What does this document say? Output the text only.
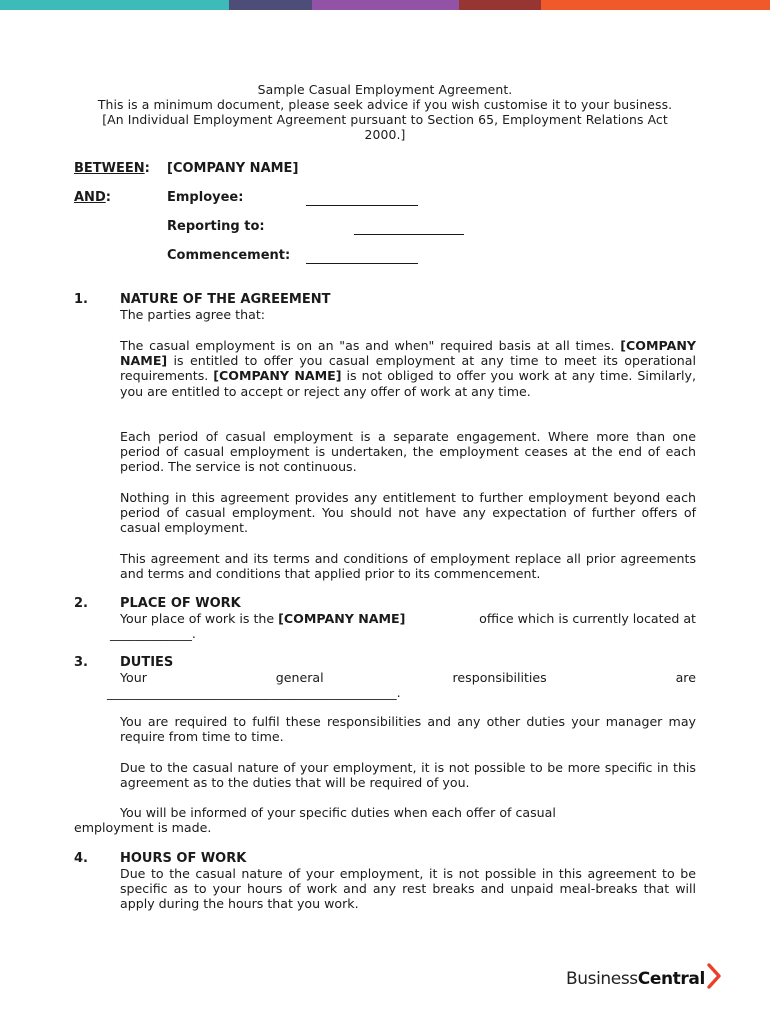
Sample Casual Employment Agreement.
This is a minimum document, please seek advice if you wish customise it to your business.
[An Individual Employment Agreement pursuant to Section 65, Employment Relations Act
2000.]
BETWEEN: [COMPANY NAME]
AND:	Employee:
Reporting to:
Commencement:
1. NATURE OF THE AGREEMENT

The parties agree that:

The casual employment is on an "as and when" required basis at all times. [COMPANY NAME] is entitled to offer you casual employment at any time to meet its operational requirements. [COMPANY NAME] is not obliged to offer you work at any time. Similarly, you are entitled to accept or reject any offer of work at any time.

Each period of casual employment is a separate engagement. Where more than one period of casual employment is undertaken, the employment ceases at the end of each period. The service is not continuous.

Nothing in this agreement provides any entitlement to further employment beyond each period of casual employment. You should not have any expectation of further offers of casual employment.

This agreement and its terms and conditions of employment replace all prior agreements and terms and conditions that applied prior to its commencement.

2. PLACE OF WORK
Your place of work is the [COMPANY NAME]	office which is currently located at
_____________.
3. DUTIES
Your	general	responsibilities	are
______________________________________________.

You are required to fulfil these responsibilities and any other duties your manager may require from time to time.

Due to the casual nature of your employment, it is not possible to be more specific in this agreement as to the duties that will be required of you.

You will be informed of your specific duties when each offer of casual

employment is made.
4. HOURS OF WORK

Due to the casual nature of your employment, it is not possible in this agreement to be specific as to your hours of work and any rest breaks and unpaid meal-breaks that will apply during the hours that you work.

Business Central
